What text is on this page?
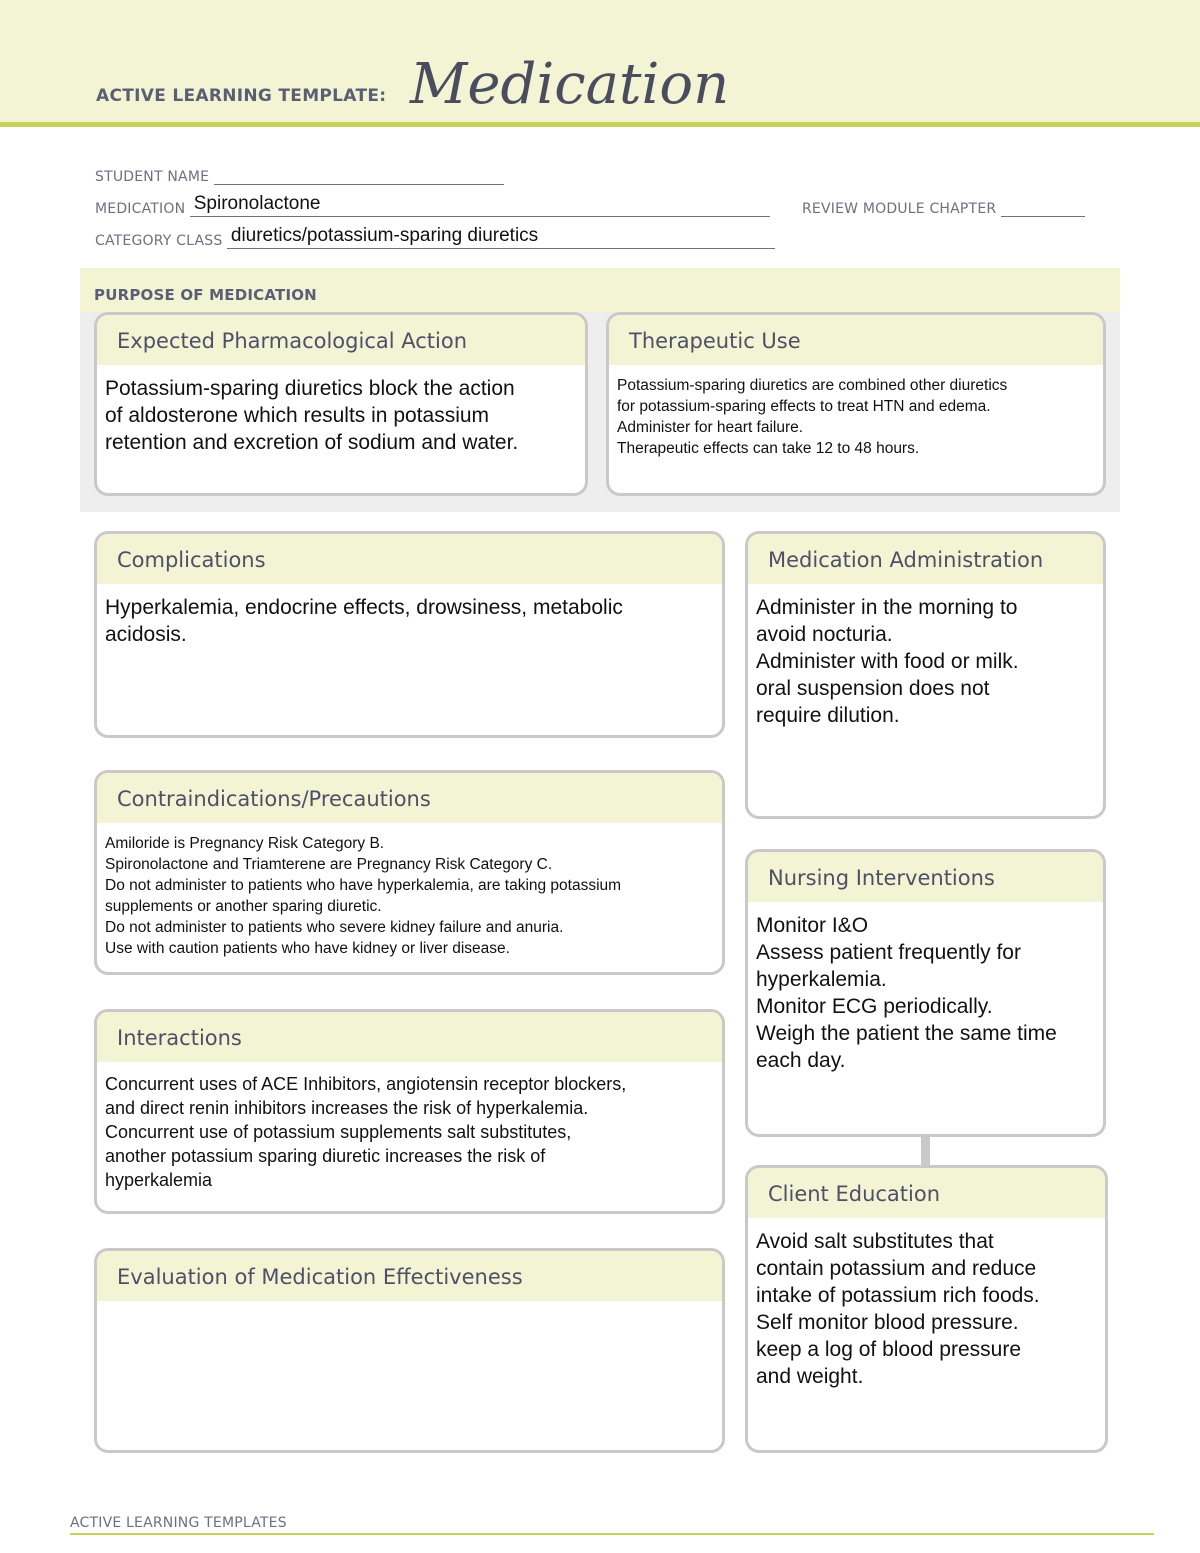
ACTIVE LEARNING TEMPLATE: Medication
STUDENT NAME
MEDICATION Spironolactone	REVIEW MODULE CHAPTER
CATEGORY CLASS diuretics/potassium-sparing diuretics
PURPOSE OF MEDICATION
Expected Pharmacological Action
Potassium-sparing diuretics block the action
of aldosterone which results in potassium
retention and excretion of sodium and water.
Therapeutic Use
Potassium-sparing diuretics are combined other diuretics
for potassium-sparing effects to treat HTN and edema.
Administer for heart failure.
Therapeutic effects can take 12 to 48 hours.
Complications
Hyperkalemia, endocrine effects, drowsiness, metabolic
acidosis.
Contraindications/Precautions
Amiloride is Pregnancy Risk Category B.
Spironolactone and Triamterene are Pregnancy Risk Category C.
Do not administer to patients who have hyperkalemia, are taking potassium
supplements or another sparing diuretic.
Do not administer to patients who severe kidney failure and anuria.
Use with caution patients who have kidney or liver disease.
Interactions
Concurrent uses of ACE Inhibitors, angiotensin receptor blockers,
and direct renin inhibitors increases the risk of hyperkalemia.
Concurrent use of potassium supplements salt substitutes,
another potassium sparing diuretic increases the risk of
hyperkalemia
Evaluation of Medication Effectiveness
Medication Administration
Administer in the morning to
avoid nocturia.
Administer with food or milk.
oral suspension does not
require dilution.
Nursing Interventions
Monitor I&O
Assess patient frequently for
hyperkalemia.
Monitor ECG periodically.
Weigh the patient the same time
each day.
Client Education
Avoid salt substitutes that
contain potassium and reduce
intake of potassium rich foods.
Self monitor blood pressure.
keep a log of blood pressure
and weight.
ACTIVE LEARNING TEMPLATES
